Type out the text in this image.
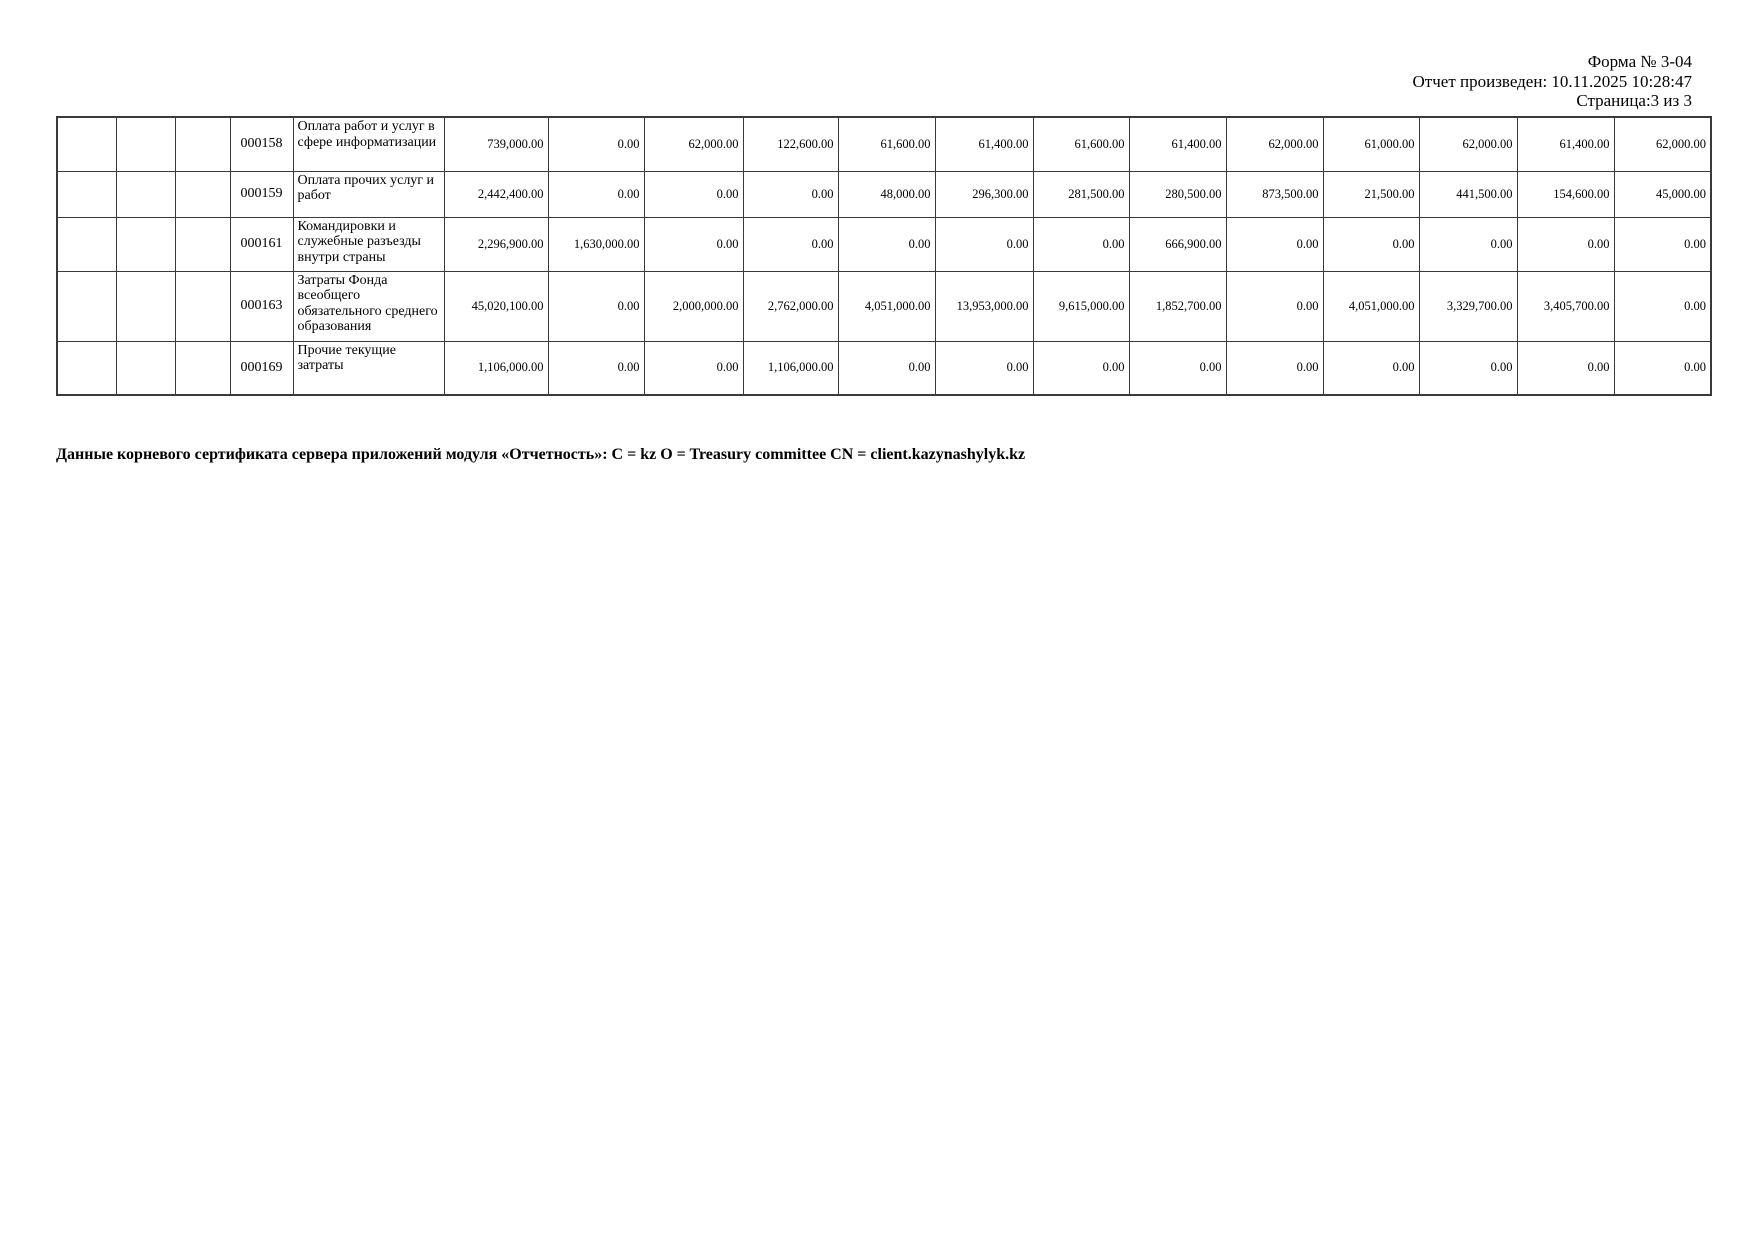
Форма № 3-04
Отчет произведен: 10.11.2025 10:28:47
Страница:3 из 3
			000158	Оплата работ и услуг в сфере информатизации	739,000.00	0.00	62,000.00	122,600.00	61,600.00	61,400.00	61,600.00	61,400.00	62,000.00	61,000.00	62,000.00	61,400.00	62,000.00
			000159	Оплата прочих услуг и работ	2,442,400.00	0.00	0.00	0.00	48,000.00	296,300.00	281,500.00	280,500.00	873,500.00	21,500.00	441,500.00	154,600.00	45,000.00
			000161	Командировки и служебные разъезды внутри страны	2,296,900.00	1,630,000.00	0.00	0.00	0.00	0.00	0.00	666,900.00	0.00	0.00	0.00	0.00	0.00
			000163	Затраты Фонда всеобщего обязательного среднего образования	45,020,100.00	0.00	2,000,000.00	2,762,000.00	4,051,000.00	13,953,000.00	9,615,000.00	1,852,700.00	0.00	4,051,000.00	3,329,700.00	3,405,700.00	0.00
			000169	Прочие текущие затраты	1,106,000.00	0.00	0.00	1,106,000.00	0.00	0.00	0.00	0.00	0.00	0.00	0.00	0.00	0.00
Данные корневого сертификата сервера приложений модуля «Отчетность»: C = kz O = Treasury committee CN = client.kazynashylyk.kz
